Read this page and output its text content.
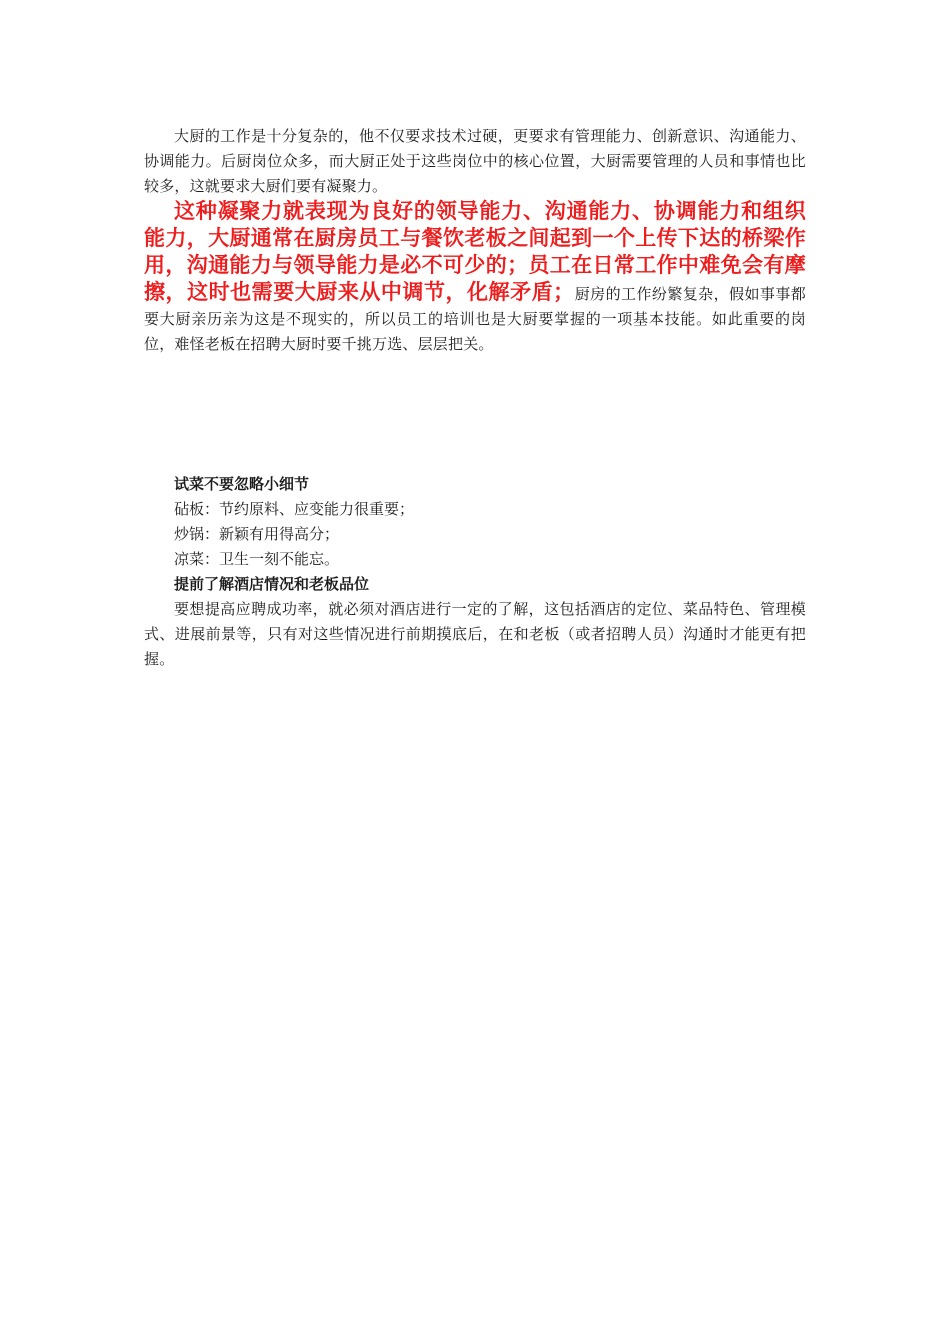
大厨的工作是十分复杂的，他不仅要求技术过硬，更要求有管理能力、创新意识、沟通能力、协调能力。后厨岗位众多，而大厨正处于这些岗位中的核心位置，大厨需要管理的人员和事情也比较多，这就要求大厨们要有凝聚力。

这种凝聚力就表现为良好的领导能力、沟通能力、协调能力和组织能力，大厨通常在厨房员工与餐饮老板之间起到一个上传下达的桥梁作用，沟通能力与领导能力是必不可少的；员工在日常工作中难免会有摩擦，这时也需要大厨来从中调节，化解矛盾；厨房的工作纷繁复杂，假如事事都要大厨亲历亲为这是不现实的，所以员工的培训也是大厨要掌握的一项基本技能。如此重要的岗位，难怪老板在招聘大厨时要千挑万选、层层把关。

试菜不要忽略小细节

砧板：节约原料、应变能力很重要；

炒锅：新颖有用得高分；

凉菜：卫生一刻不能忘。

提前了解酒店情况和老板品位

要想提高应聘成功率，就必须对酒店进行一定的了解，这包括酒店的定位、菜品特色、管理模式、进展前景等，只有对这些情况进行前期摸底后，在和老板（或者招聘人员）沟通时才能更有把握。
